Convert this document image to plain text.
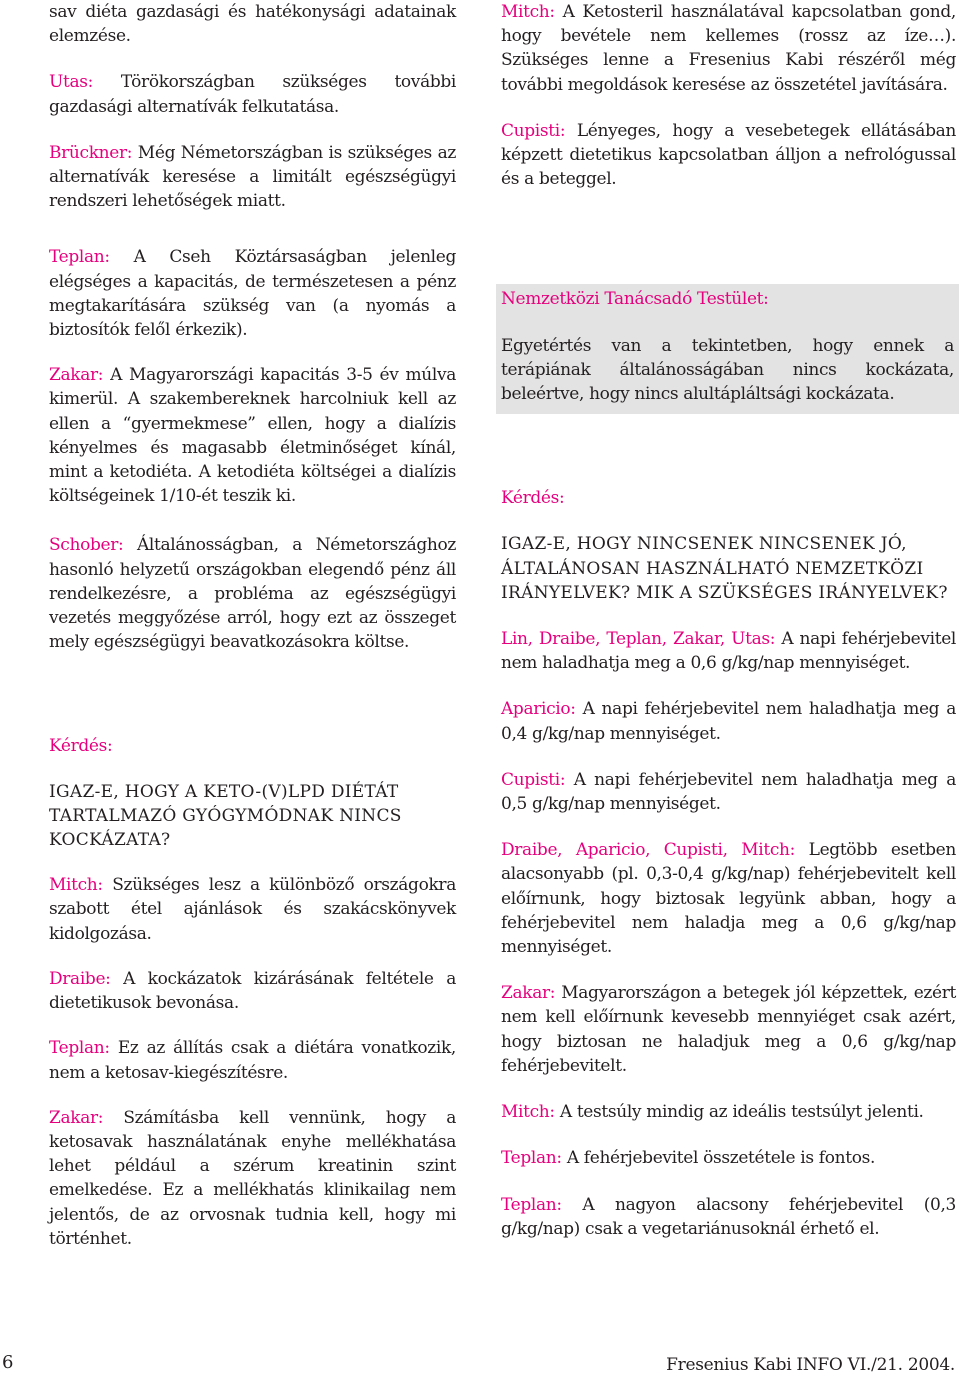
sav diéta gazdasági és hatékonysági adatainak elemzése.

Utas: Törökországban szükséges további gazdasági alternatívák felkutatása.

Brückner: Még Németországban is szükséges az alternatívák keresése a limitált egészségügyi rendszeri lehetőségek miatt.

Teplan: A Cseh Köztársaságban jelenleg elégséges a kapacitás, de természetesen a pénz megtakarítására szükség van (a nyomás a biztosítók felől érkezik).

Zakar: A Magyarországi kapacitás 3-5 év múlva kimerül. A szakembereknek harcolniuk kell az ellen a “gyermekmese” ellen, hogy a dialízis kényelmes és magasabb életminőséget kínál, mint a ketodiéta. A ketodiéta költségei a dialízis költségeinek 1/10-ét teszik ki.

Schober: Általánosságban, a Németországhoz hasonló helyzetű országokban elegendő pénz áll rendelkezésre, a probléma az egészségügyi vezetés meggyőzése arról, hogy ezt az összeget mely egészségügyi beavatkozásokra költse.

Kérdés:

IGAZ-E, HOGY A KETO-(V)LPD DIÉTÁT TARTALMAZÓ GYÓGYMÓDNAK NINCS KOCKÁZATA?

Mitch: Szükséges lesz a különböző országokra szabott étel ajánlások és szakácskönyvek kidolgozása.

Draibe: A kockázatok kizárásának feltétele a dietetikusok bevonása.

Teplan: Ez az állítás csak a diétára vonatkozik, nem a ketosav-kiegészítésre.

Zakar: Számításba kell vennünk, hogy a ketosavak használatának enyhe mellékhatása lehet például a szérum kreatinin szint emelkedése. Ez a mellékhatás klinikailag nem jelentős, de az orvosnak tudnia kell, hogy mi történhet.

Mitch: A Ketosteril használatával kapcsolatban gond, hogy bevétele nem kellemes (rossz az íze…). Szükséges lenne a Fresenius Kabi részéről még további megoldások keresése az összetétel javítására.

Cupisti: Lényeges, hogy a vesebetegek ellátásában képzett dietetikus kapcsolatban álljon a nefrológussal és a beteggel.

Nemzetközi Tanácsadó Testület:

Egyetértés van a tekintetben, hogy ennek a terápiának általánosságában nincs kockázata, beleértve, hogy nincs alultápláltsági kockázata.

Kérdés:

IGAZ-E, HOGY NINCSENEK NINCSENEK JÓ, ÁLTALÁNOSAN HASZNÁLHATÓ NEMZETKÖZI IRÁNYELVEK? MIK A SZÜKSÉGES IRÁNYELVEK?

Lin, Draibe, Teplan, Zakar, Utas: A napi fehérjebevitel nem haladhatja meg a 0,6 g/kg/nap mennyiséget.

Aparicio: A napi fehérjebevitel nem haladhatja meg a 0,4 g/kg/nap mennyiséget.

Cupisti: A napi fehérjebevitel nem haladhatja meg a 0,5 g/kg/nap mennyiséget.

Draibe, Aparicio, Cupisti, Mitch: Legtöbb esetben alacsonyabb (pl. 0,3-0,4 g/kg/nap) fehérjebevitelt kell előírnunk, hogy biztosak legyünk abban, hogy a fehérjebevitel nem haladja meg a 0,6 g/kg/nap mennyiséget.

Zakar: Magyarországon a betegek jól képzettek, ezért nem kell előírnunk kevesebb mennyiéget csak azért, hogy biztosan ne haladjuk meg a 0,6 g/kg/nap fehérjebevitelt.

Mitch: A testsúly mindig az ideális testsúlyt jelenti.

Teplan: A fehérjebevitel összetétele is fontos.

Teplan: A nagyon alacsony fehérjebevitel (0,3 g/kg/nap) csak a vegetariánusoknál érhető el.

6	Fresenius Kabi INFO VI./21. 2004.
